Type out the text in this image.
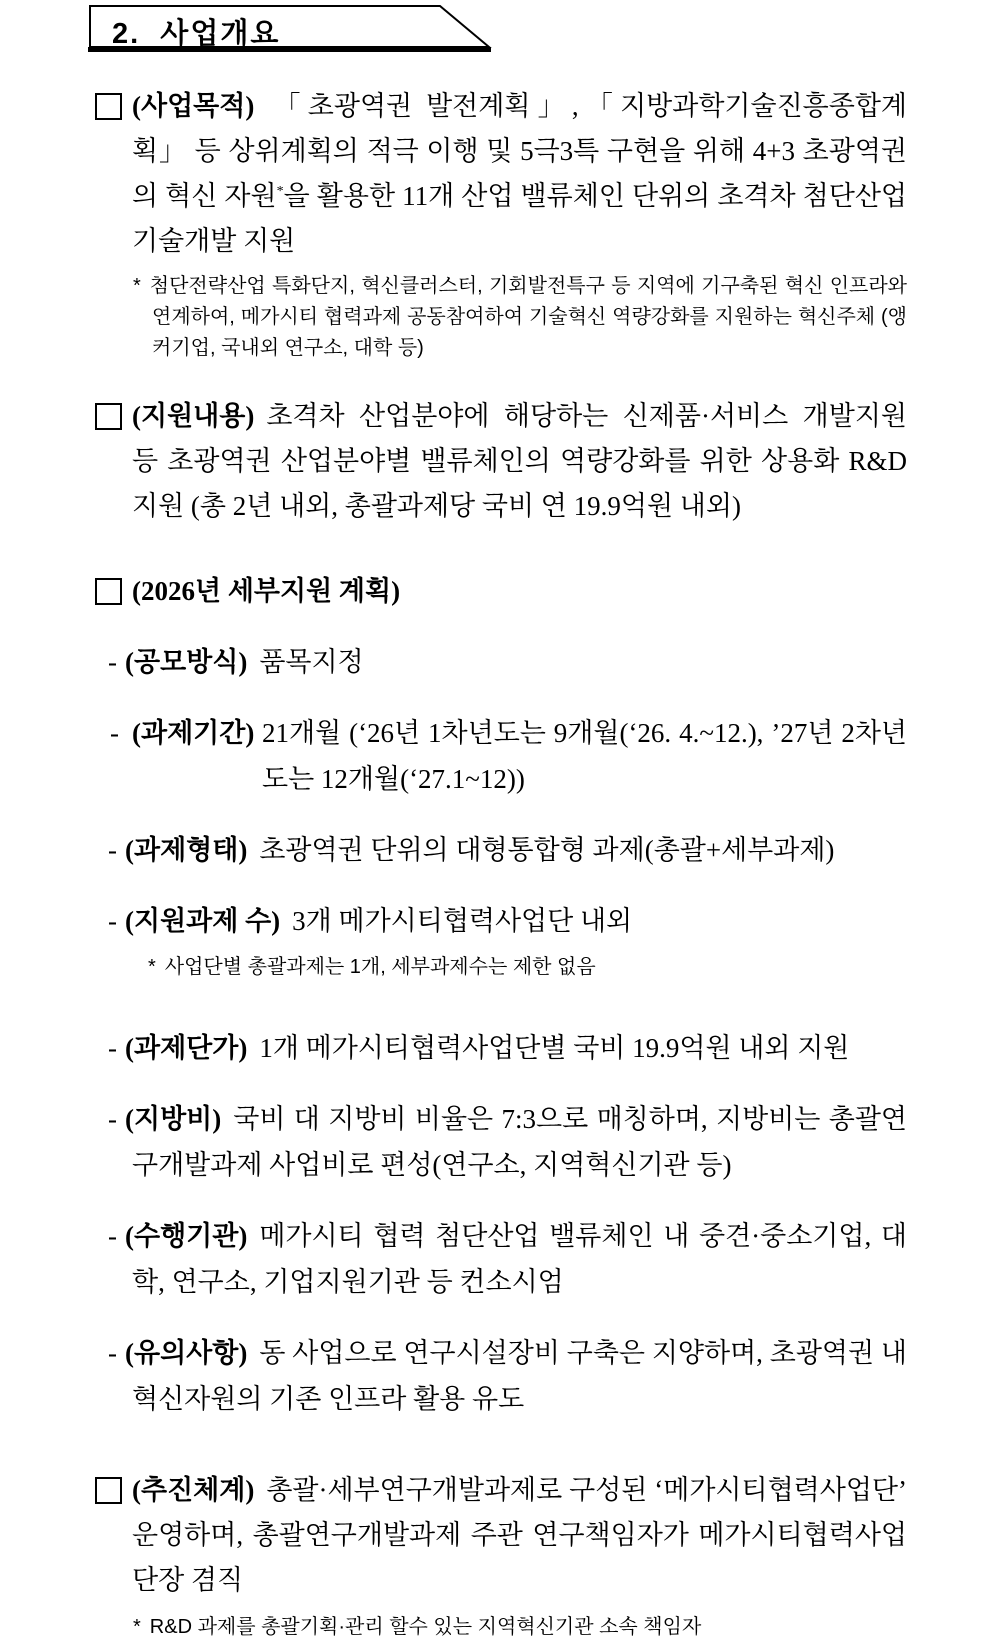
2.  사업개요
(사업목적) 「초광역권 발전계획」,「지방과학기술진흥종합계획」 등 상위계획의 적극 이행 및 5극3특 구현을 위해 4+3 초광역권의 혁신 자원*을 활용한 11개 산업 밸류체인 단위의 초격차 첨단산업 기술개발 지원
* 첨단전략산업 특화단지, 혁신클러스터, 기회발전특구 등 지역에 기구축된 혁신 인프라와 연계하여, 메가시티 협력과제 공동참여하여 기술혁신 역량강화를 지원하는 혁신주체 (앵커기업, 국내외 연구소, 대학 등)
(지원내용) 초격차 산업분야에 해당하는 신제품·서비스 개발지원 등 초광역권 산업분야별 밸류체인의 역량강화를 위한 상용화 R&D 지원 (총 2년 내외, 총괄과제당 국비 연 19.9억원 내외)
(2026년 세부지원 계획)
- (공모방식) 품목지정
- (과제기간) 21개월 (‘26년 1차년도는 9개월(‘26. 4.~12.), ’27년 2차년도는 12개월(‘27.1~12))
- (과제형태) 초광역권 단위의 대형통합형 과제(총괄+세부과제)
- (지원과제 수) 3개 메가시티협력사업단 내외
* 사업단별 총괄과제는 1개, 세부과제수는 제한 없음
- (과제단가) 1개 메가시티협력사업단별 국비 19.9억원 내외 지원
- (지방비) 국비 대 지방비 비율은 7:3으로 매칭하며, 지방비는 총괄연구개발과제 사업비로 편성(연구소, 지역혁신기관 등)
- (수행기관) 메가시티 협력 첨단산업 밸류체인 내 중견·중소기업, 대학, 연구소, 기업지원기관 등 컨소시엄
- (유의사항) 동 사업으로 연구시설장비 구축은 지양하며, 초광역권 내 혁신자원의 기존 인프라 활용 유도
(추진체계) 총괄·세부연구개발과제로 구성된 ‘메가시티협력사업단’ 운영하며, 총괄연구개발과제 주관 연구책임자가 메가시티협력사업단장 겸직
* R&D 과제를 총괄기획·관리 할수 있는 지역혁신기관 소속 책임자
